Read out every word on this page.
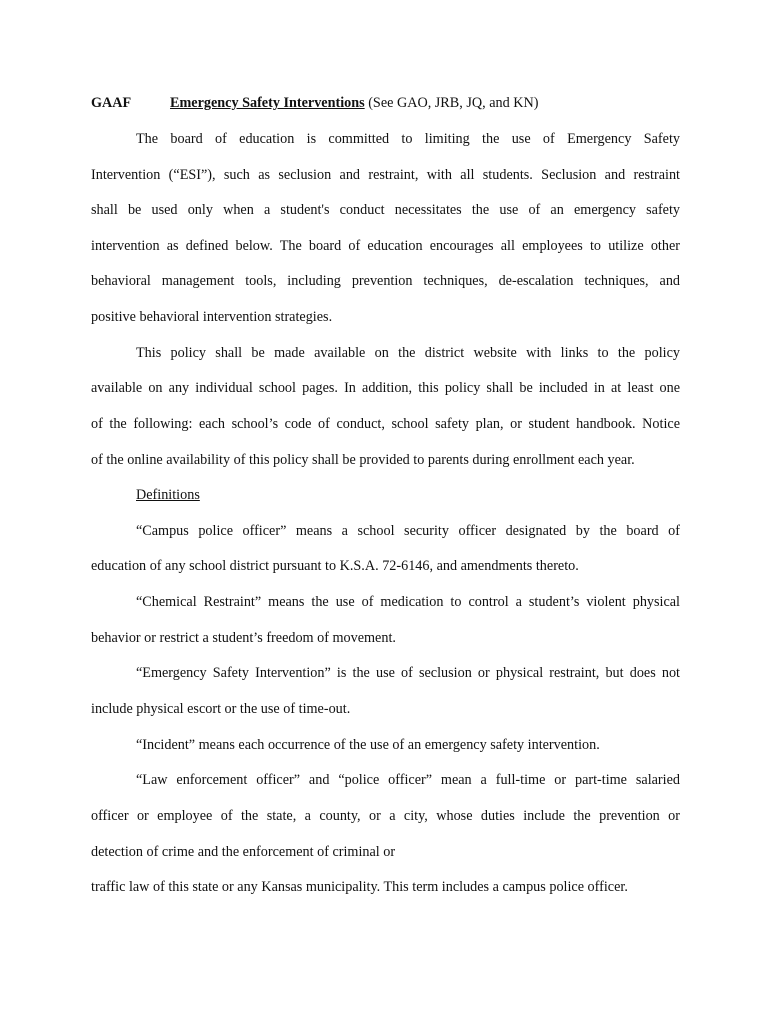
GAAF	Emergency Safety Interventions (See GAO, JRB, JQ, and KN)
The board of education is committed to limiting the use of Emergency Safety
Intervention (“ESI”), such as seclusion and restraint, with all students. Seclusion and restraint
shall be used only when a student's conduct necessitates the use of an emergency safety
intervention as defined below. The board of education encourages all employees to utilize other
behavioral management tools, including prevention techniques, de-escalation techniques, and
positive behavioral intervention strategies.
This policy shall be made available on the district website with links to the policy
available on any individual school pages. In addition, this policy shall be included in at least one
of the following: each school’s code of conduct, school safety plan, or student handbook. Notice
of the online availability of this policy shall be provided to parents during enrollment each year.
Definitions
“Campus police officer” means a school security officer designated by the board of
education of any school district pursuant to K.S.A. 72-6146, and amendments thereto.
“Chemical Restraint” means the use of medication to control a student’s violent physical
behavior or restrict a student’s freedom of movement.
“Emergency Safety Intervention” is the use of seclusion or physical restraint, but does not
include physical escort or the use of time-out.
“Incident” means each occurrence of the use of an emergency safety intervention.
“Law enforcement officer” and “police officer” mean a full-time or part-time salaried
officer or employee of the state, a county, or a city, whose duties include the prevention or
detection of crime and the enforcement of criminal or
traffic law of this state or any Kansas municipality. This term includes a campus police officer.
